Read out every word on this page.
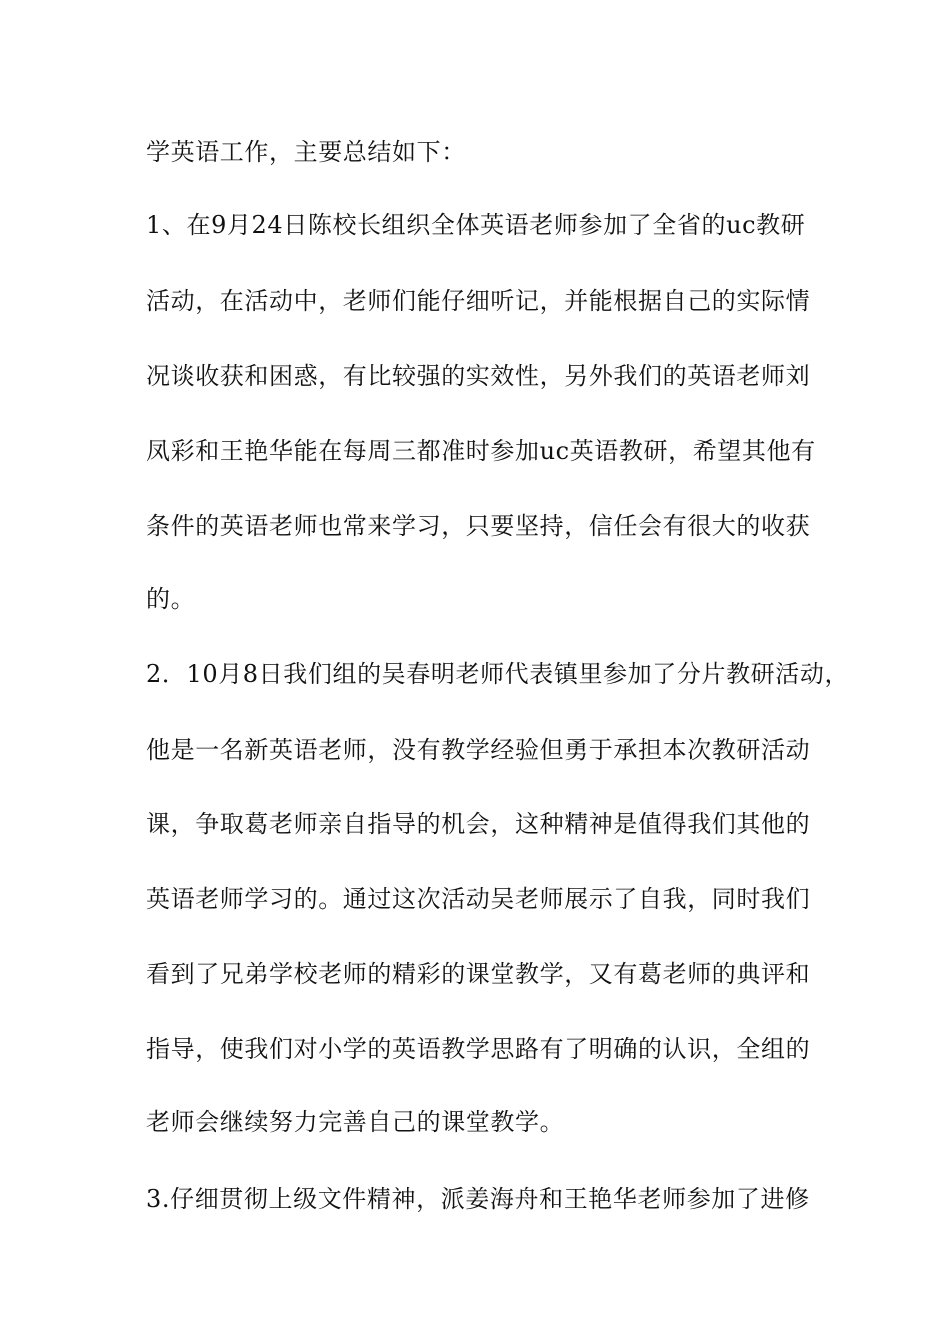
学英语工作，主要总结如下：
1、在9月24日陈校长组织全体英语老师参加了全省的uc教研
活动，在活动中，老师们能仔细听记，并能根据自己的实际情
况谈收获和困惑，有比较强的实效性，另外我们的英语老师刘
凤彩和王艳华能在每周三都准时参加uc英语教研，希望其他有
条件的英语老师也常来学习，只要坚持，信任会有很大的收获
的。
2．10月8日我们组的吴春明老师代表镇里参加了分片教研活动，
他是一名新英语老师，没有教学经验但勇于承担本次教研活动
课，争取葛老师亲自指导的机会，这种精神是值得我们其他的
英语老师学习的。通过这次活动吴老师展示了自我，同时我们
看到了兄弟学校老师的精彩的课堂教学，又有葛老师的典评和
指导，使我们对小学的英语教学思路有了明确的认识，全组的
老师会继续努力完善自己的课堂教学。
3.仔细贯彻上级文件精神，派姜海舟和王艳华老师参加了进修
